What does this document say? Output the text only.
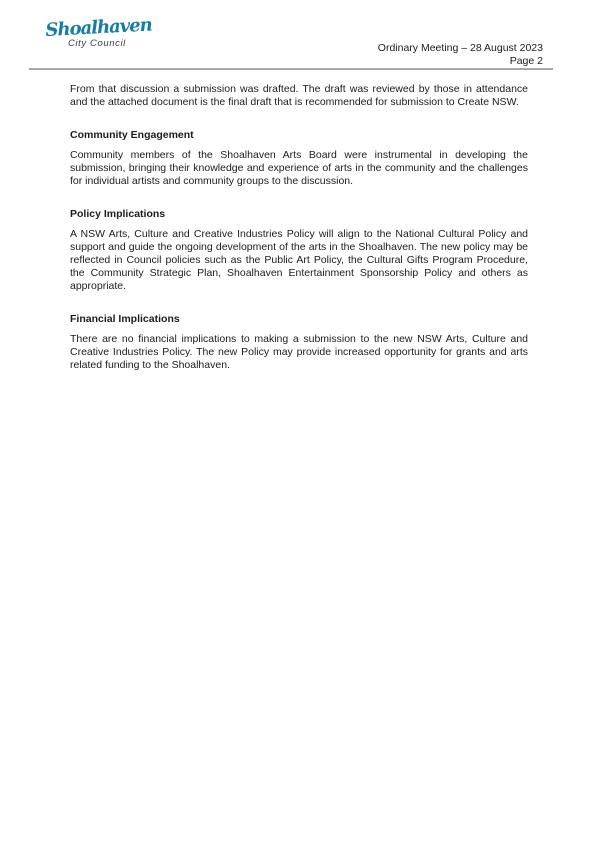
Shoalhaven
City Council	Ordinary Meeting – 28 August 2023
Page 2

From that discussion a submission was drafted. The draft was reviewed by those in attendance and the attached document is the final draft that is recommended for submission to Create NSW.

Community Engagement

Community members of the Shoalhaven Arts Board were instrumental in developing the submission, bringing their knowledge and experience of arts in the community and the challenges for individual artists and community groups to the discussion.

Policy Implications

A NSW Arts, Culture and Creative Industries Policy will align to the National Cultural Policy and support and guide the ongoing development of the arts in the Shoalhaven. The new policy may be reflected in Council policies such as the Public Art Policy, the Cultural Gifts Program Procedure, the Community Strategic Plan, Shoalhaven Entertainment Sponsorship Policy and others as appropriate.

Financial Implications

There are no financial implications to making a submission to the new NSW Arts, Culture and Creative Industries Policy. The new Policy may provide increased opportunity for grants and arts related funding to the Shoalhaven.
